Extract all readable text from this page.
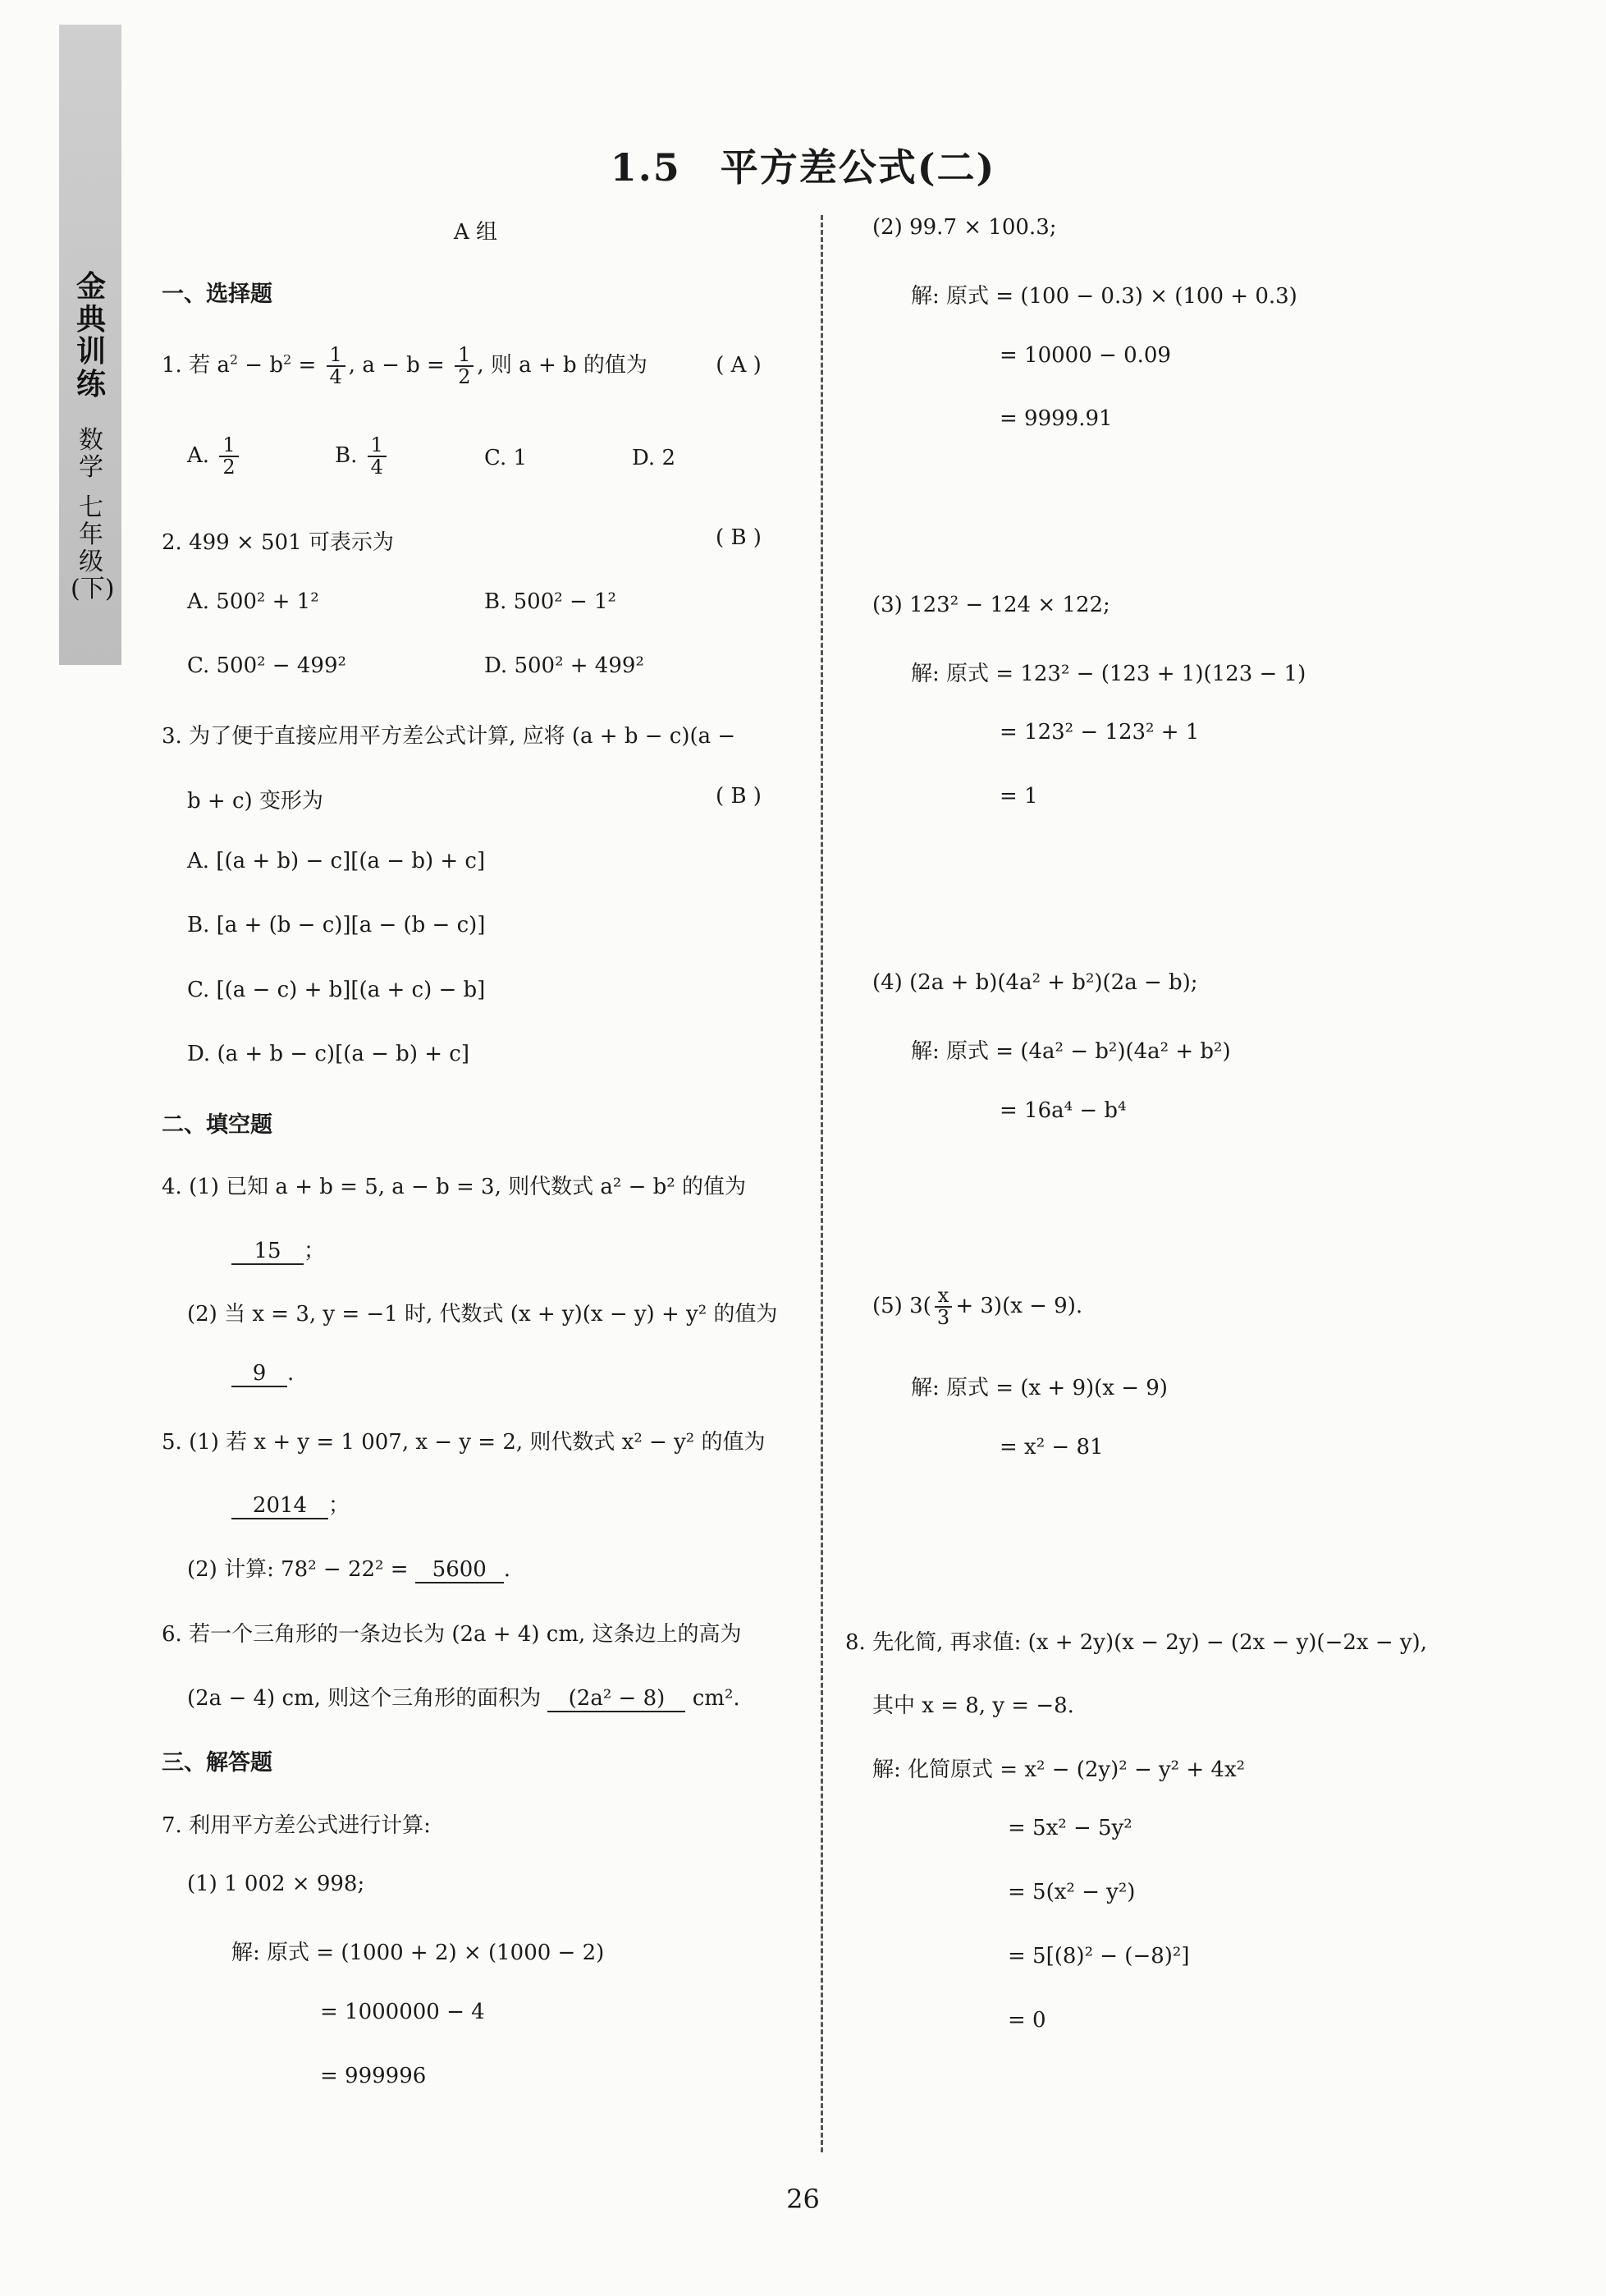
金典训练
数学
七年级(下)
1.5　平方差公式(二)
A 组
一、选择题
1. 若 $a^2 - b^2 = \frac{1}{4}$ , $a - b = \frac{1}{2}$ , 则 a + b 的值为	( A )
A. $\frac{1}{2}$	B. $\frac{1}{4}$	C. 1	D. 2
2. 499 × 501 可表示为	( B )
A. 500² + 1²	B. 500² − 1²
C. 500² − 499²	D. 500² + 499²
3. 为了便于直接应用平方差公式计算, 应将 (a + b − c)(a −
b + c) 变形为	( B )
A. [(a + b) − c][(a − b) + c]
B. [a + (b − c)][a − (b − c)]
C. [(a − c) + b][(a + c) − b]
D. (a + b − c)[(a − b) + c]
二、填空题
4. (1) 已知 a + b = 5, a − b = 3, 则代数式 a² − b² 的值为
15 ；
(2) 当 x = 3, y = −1 时, 代数式 (x + y)(x − y) + y² 的值为
9 .
5. (1) 若 x + y = 1 007, x − y = 2, 则代数式 x² − y² 的值为
2014 ；
(2) 计算: 78² − 22² = 5600 .
6. 若一个三角形的一条边长为 (2a + 4) cm, 这条边上的高为
(2a − 4) cm, 则这个三角形的面积为 (2a² − 8) cm².
三、解答题
7. 利用平方差公式进行计算:
(1) 1 002 × 998;
解: 原式 = (1000 + 2) × (1000 − 2)
= 1000000 − 4
= 999996
(2) 99.7 × 100.3;
解: 原式 = (100 − 0.3) × (100 + 0.3)
= 10000 − 0.09
= 9999.91
(3) 123² − 124 × 122;
解: 原式 = 123² − (123 + 1)(123 − 1)
= 123² − 123² + 1
= 1
(4) (2a + b)(4a² + b²)(2a − b);
解: 原式 = (4a² − b²)(4a² + b²)
= 16a⁴ − b⁴
(5) $3( \frac{x}{3} + 3)(x - 9)$.
解: 原式 = (x + 9)(x − 9)
= x² − 81
8. 先化简, 再求值: (x + 2y)(x − 2y) − (2x − y)(−2x − y),
其中 x = 8, y = −8.
解: 化简原式 = x² − (2y)² − y² + 4x²
= 5x² − 5y²
= 5(x² − y²)
= 5[(8)² − (−8)²]
= 0
26
